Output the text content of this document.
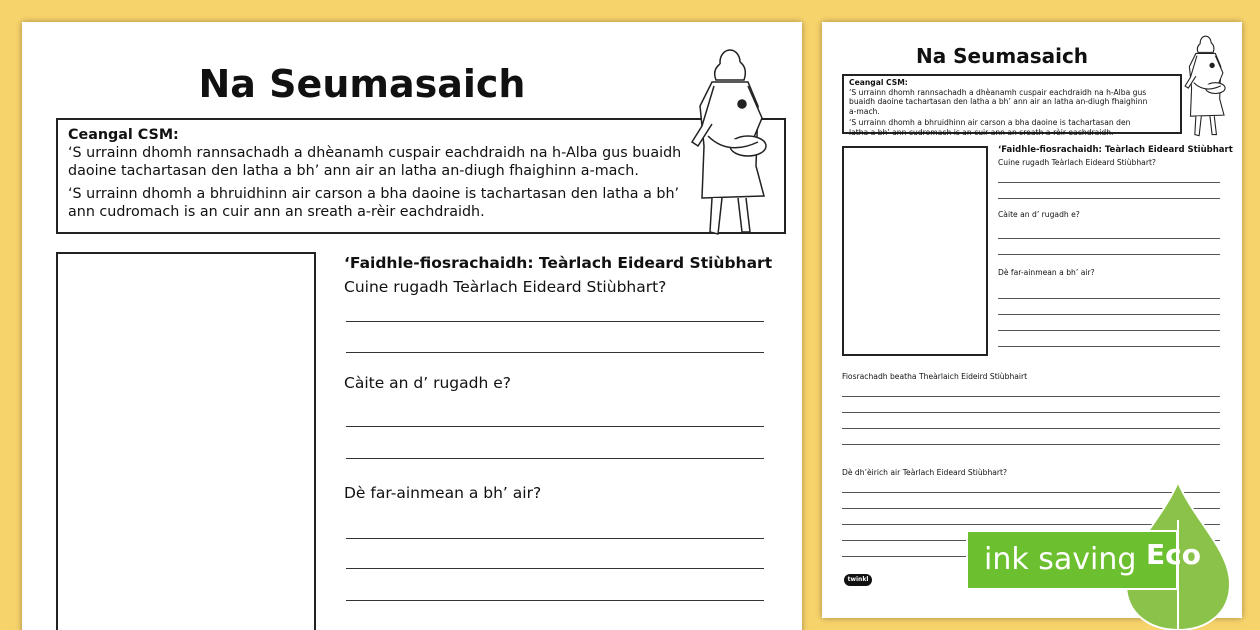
Na Seumasaich
Ceangal CSM:
‘S urrainn dhomh rannsachadh a dhèanamh cuspair eachdraidh na h-Alba gus buaidh daoine tachartasan den latha a bh’ ann air an latha an-diugh fhaighinn a-mach.
‘S urrainn dhomh a bhruidhinn air carson a bha daoine is tachartasan den latha a bh’ ann cudromach is an cuir ann an sreath a-rèir eachdraidh.
‘Faidhle-fiosrachaidh: Teàrlach Eideard Stiùbhart
Cuine rugadh Teàrlach Eideard Stiùbhart?
Càite an d’ rugadh e?
Dè far-ainmean a bh’ air?
Na Seumasaich
Ceangal CSM:
‘S urrainn dhomh rannsachadh a dhèanamh cuspair eachdraidh na h-Alba gus buaidh daoine tachartasan den latha a bh’ ann air an latha an-diugh fhaighinn a-mach.
‘S urrainn dhomh a bhruidhinn air carson a bha daoine is tachartasan den latha a bh’ ann cudromach is an cuir ann an sreath a-rèir eachdraidh.
‘Faidhle-fiosrachaidh: Teàrlach Eideard Stiùbhart
Cuine rugadh Teàrlach Eideard Stiùbhart?
Càite an d’ rugadh e?
Dè far-ainmean a bh’ air?
Fiosrachadh beatha Theàrlaich Eideird Stiùbhairt
Dè dh’èirich air Teàrlach Eideard Stiùbhart?
twinkl
ink saving Eco
